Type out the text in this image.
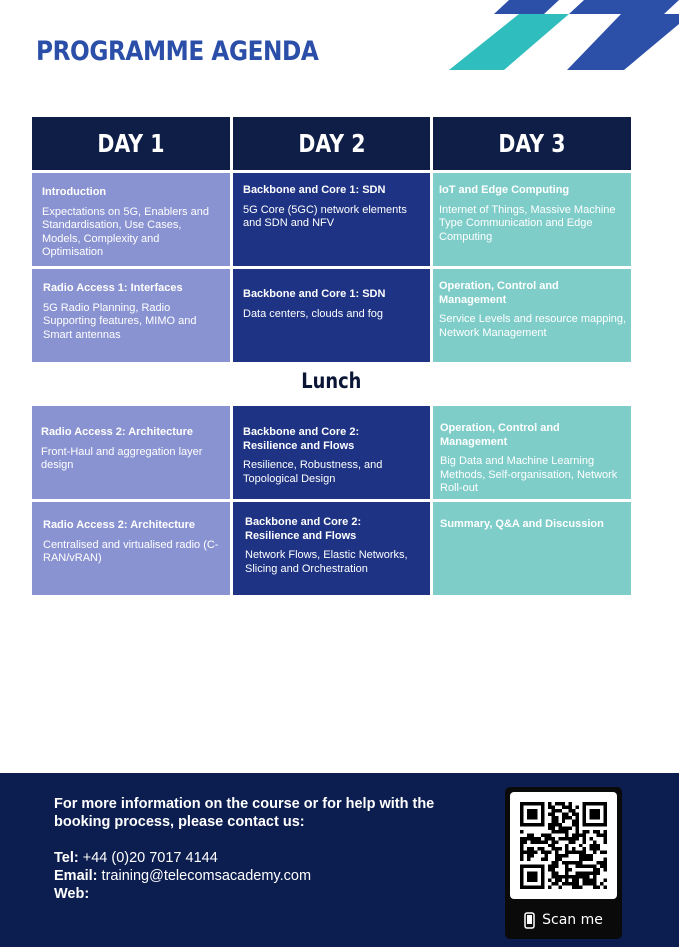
PROGRAMME AGENDA
DAY 1	DAY 2	DAY 3
Introduction
Expectations on 5G, Enablers and Standardisation, Use Cases, Models, Complexity and Optimisation
Backbone and Core 1: SDN
5G Core (5GC) network elements and SDN and NFV
IoT and Edge Computing
Internet of Things, Massive Machine Type Communication and Edge Computing
Radio Access 1: Interfaces
5G Radio Planning, Radio Supporting features, MIMO and Smart antennas
Backbone and Core 1: SDN
Data centers, clouds and fog
Operation, Control and Management
Service Levels and resource mapping, Network Management
Lunch
Radio Access 2: Architecture
Front-Haul and aggregation layer design
Backbone and Core 2: Resilience and Flows
Resilience, Robustness, and Topological Design
Operation, Control and Management
Big Data and Machine Learning Methods, Self-organisation, Network Roll-out
Radio Access 2: Architecture
Centralised and virtualised radio (C-RAN/vRAN)
Backbone and Core 2: Resilience and Flows
Network Flows, Elastic Networks, Slicing and Orchestration
Summary, Q&A and Discussion
For more information on the course or for help with the booking process, please contact us:
Tel: +44 (0)20 7017 4144
Email: training@telecomsacademy.com
Web:
Scan me
